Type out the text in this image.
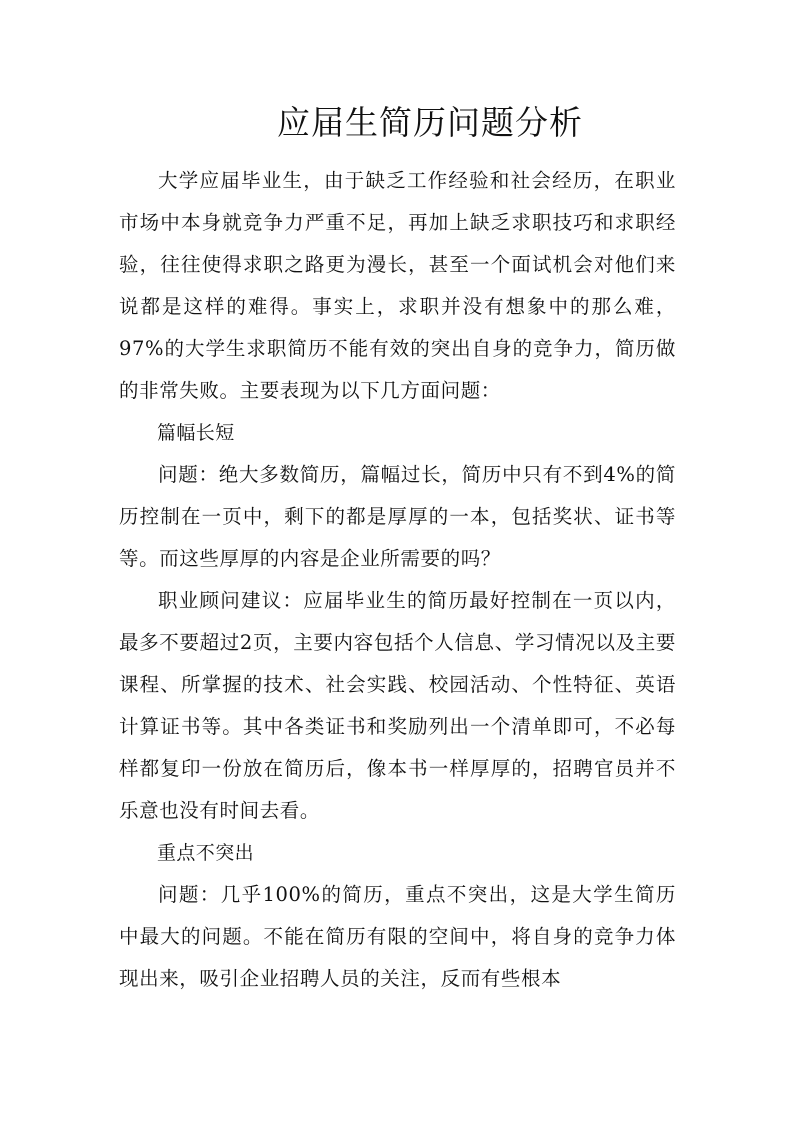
应届生简历问题分析

大学应届毕业生，由于缺乏工作经验和社会经历，在职业市场中本身就竞争力严重不足，再加上缺乏求职技巧和求职经验，往往使得求职之路更为漫长，甚至一个面试机会对他们来说都是这样的难得。事实上，求职并没有想象中的那么难，97%的大学生求职简历不能有效的突出自身的竞争力，简历做的非常失败。主要表现为以下几方面问题：

篇幅长短

问题：绝大多数简历，篇幅过长，简历中只有不到4%的简历控制在一页中，剩下的都是厚厚的一本，包括奖状、证书等等。而这些厚厚的内容是企业所需要的吗？

职业顾问建议：应届毕业生的简历最好控制在一页以内，最多不要超过2页，主要内容包括个人信息、学习情况以及主要课程、所掌握的技术、社会实践、校园活动、个性特征、英语计算证书等。其中各类证书和奖励列出一个清单即可，不必每样都复印一份放在简历后，像本书一样厚厚的，招聘官员并不乐意也没有时间去看。

重点不突出

问题：几乎100%的简历，重点不突出，这是大学生简历中最大的问题。不能在简历有限的空间中，将自身的竞争力体现出来，吸引企业招聘人员的关注，反而有些根本
